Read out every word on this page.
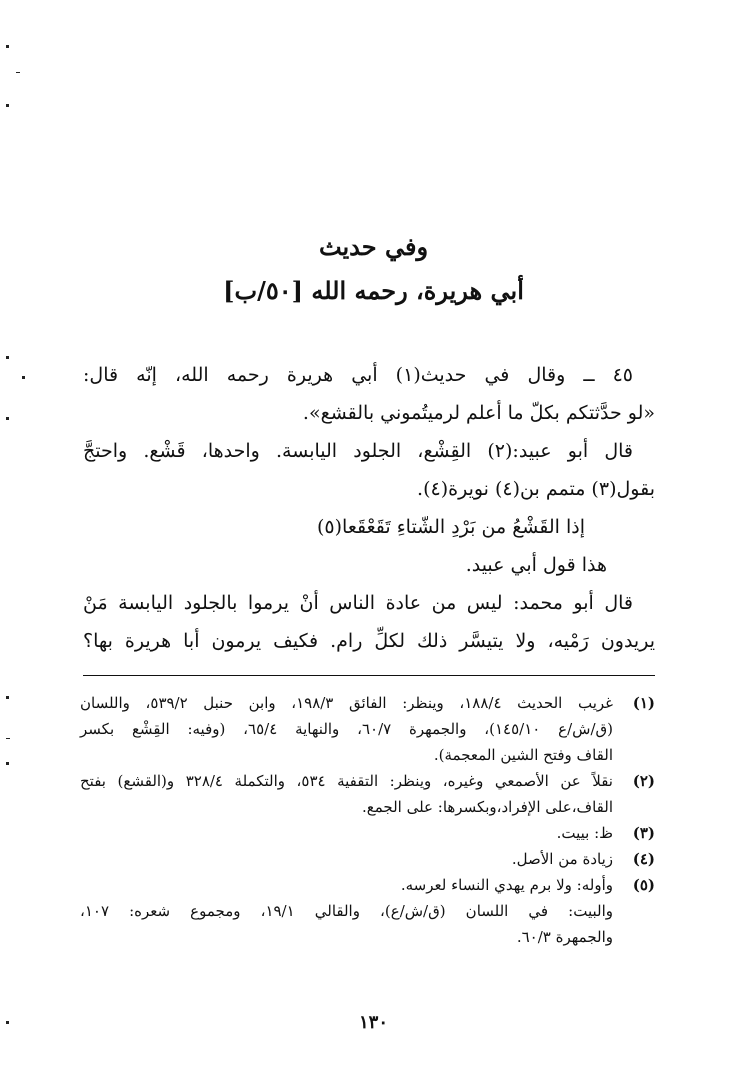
وفي حديث
أبي هريرة، رحمه الله [٥٠/ب]
٤٥ ــ وقال في حديث(١) أبي هريرة رحمه الله، إنّه قال:
«لو حدَّثتكم بكلّ ما أعلم لرميتُموني بالقشع».
قال أبو عبيد:(٢) القِشْع، الجلود اليابسة. واحدها، قَشْع. واحتجَّ
بقول(٣) متمم بن(٤) نويرة(٤).
إذا القَشْعُ من بَرْدِ الشّتاءِ تَقَعْقَعا(٥)
هذا قول أبي عبيد.
قال أبو محمد: ليس من عادة الناس أنْ يرموا بالجلود اليابسة مَنْ
يريدون رَمْيه، ولا يتيسَّر ذلك لكلِّ رام. فكيف يرمون أبا هريرة بها؟
(١)
غريب الحديث ١٨٨/٤، وينظر: الفائق ١٩٨/٣، وابن حنبل ٥٣٩/٢، واللسان
(ق/ش/ع ١٤٥/١٠)، والجمهرة ٦٠/٧، والنهاية ٦٥/٤، (وفيه: القِشْع بكسر
القاف وفتح الشين المعجمة).
(٢)
نقلاً عن الأصمعي وغيره، وينظر: التقفية ٥٣٤، والتكملة ٣٢٨/٤ و(القشع) بفتح
القاف،على الإفراد،وبكسرها: على الجمع.
(٣)
ظ: بييت.
(٤)
زيادة من الأصل.
(٥)
وأوله: ولا برم يهدي النساء لعرسه.
والبيت: في اللسان (ق/ش/ع)، والقالي ١٩/١، ومجموع شعره: ١٠٧،
والجمهرة ٦٠/٣.
١٣٠
